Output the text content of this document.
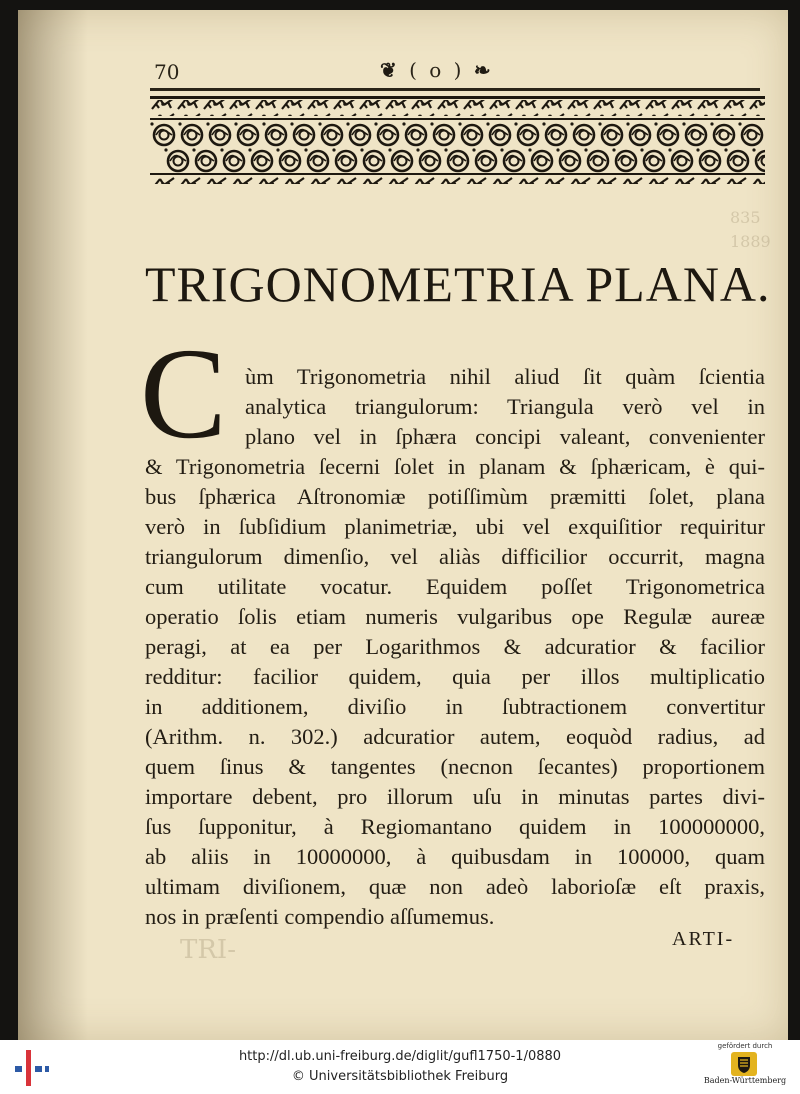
TRI-
835
1889
70	❦ ( o ) ❧
TRIGONOMETRIA PLANA.
C ùm Trigonometria nihil aliud ſit quàm ſcientia
analytica triangulorum: Triangula verò vel in
plano vel in ſphæra concipi valeant, convenienter
& Trigonometria ſecerni ſolet in planam & ſphæricam, è qui-
bus ſphærica Aſtronomiæ potiſſimùm præmitti ſolet, plana
verò in ſubſidium planimetriæ, ubi vel exquiſitior requiritur
triangulorum dimenſio, vel aliàs difficilior occurrit, magna
cum utilitate vocatur. Equidem poſſet Trigonometrica
operatio ſolis etiam numeris vulgaribus ope Regulæ aureæ
peragi, at ea per Logarithmos & adcuratior & facilior
redditur: facilior quidem, quia per illos multiplicatio
in additionem, diviſio in ſubtractionem convertitur
(Arithm. n. 302.) adcuratior autem, eoquòd radius, ad
quem ſinus & tangentes (necnon ſecantes) proportionem
importare debent, pro illorum uſu in minutas partes divi-
ſus ſupponitur, à Regiomantano quidem in 100000000,
ab aliis in 10000000, à quibusdam in 100000, quam
ultimam diviſionem, quæ non adeò laborioſæ eſt praxis,
nos in præſenti compendio aſſumemus.
ARTI-
http://dl.ub.uni-freiburg.de/diglit/gufl1750-1/0880
© Universitätsbibliothek Freiburg
gefördert durch
Baden-Württemberg
